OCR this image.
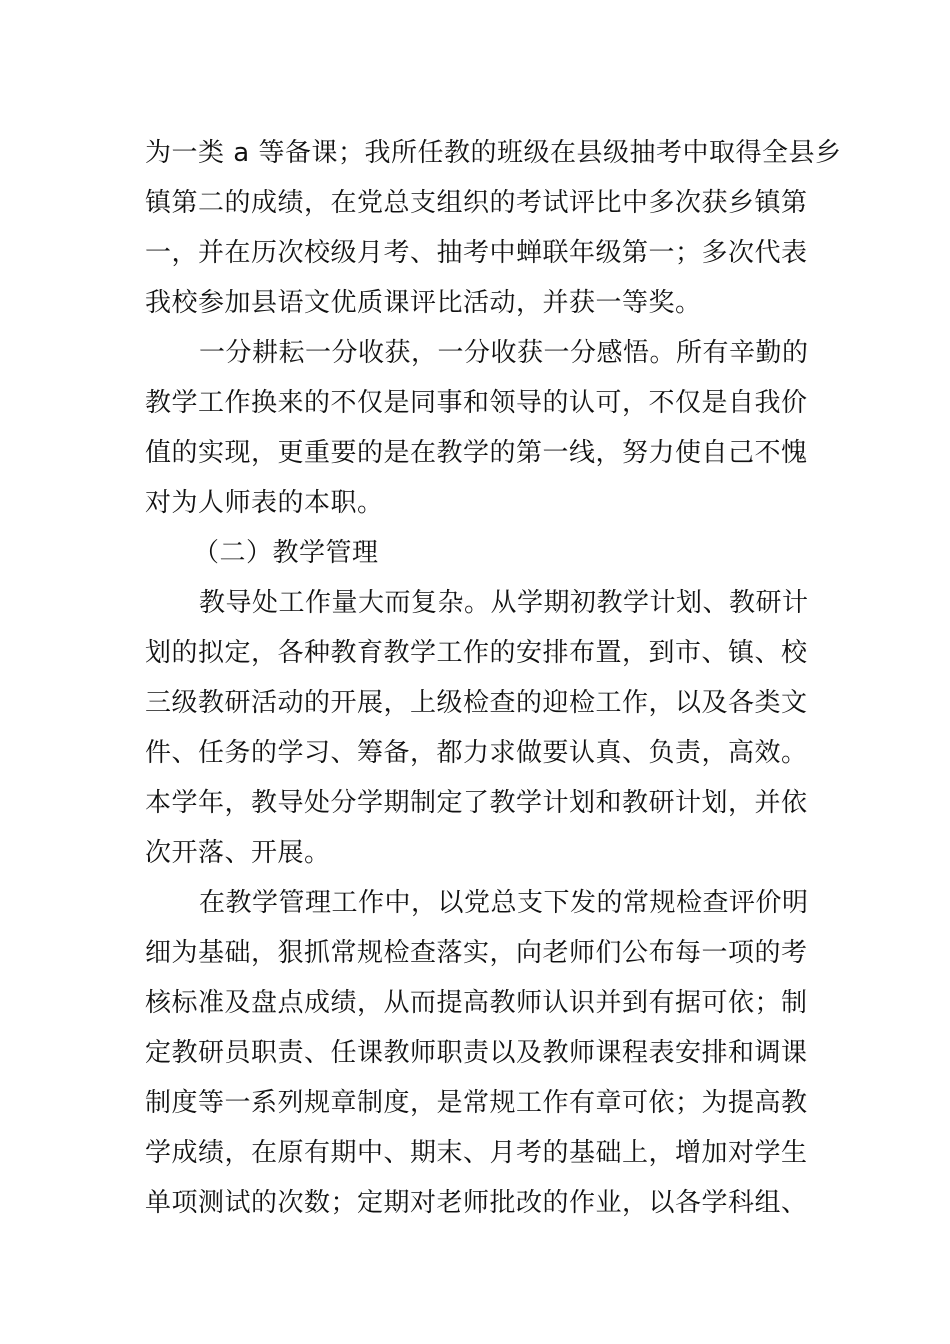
为一类 a 等备课；我所任教的班级在县级抽考中取得全县乡
镇第二的成绩，在党总支组织的考试评比中多次获乡镇第
一，并在历次校级月考、抽考中蝉联年级第一；多次代表
我校参加县语文优质课评比活动，并获一等奖。
一分耕耘一分收获，一分收获一分感悟。所有辛勤的
教学工作换来的不仅是同事和领导的认可，不仅是自我价
值的实现，更重要的是在教学的第一线，努力使自己不愧
对为人师表的本职。
（二）教学管理
教导处工作量大而复杂。从学期初教学计划、教研计
划的拟定，各种教育教学工作的安排布置，到市、镇、校
三级教研活动的开展，上级检查的迎检工作，以及各类文
件、任务的学习、筹备，都力求做要认真、负责，高效。
本学年，教导处分学期制定了教学计划和教研计划，并依
次开落、开展。
在教学管理工作中，以党总支下发的常规检查评价明
细为基础，狠抓常规检查落实，向老师们公布每一项的考
核标准及盘点成绩，从而提高教师认识并到有据可依；制
定教研员职责、任课教师职责以及教师课程表安排和调课
制度等一系列规章制度，是常规工作有章可依；为提高教
学成绩，在原有期中、期末、月考的基础上，增加对学生
单项测试的次数；定期对老师批改的作业，以各学科组、
